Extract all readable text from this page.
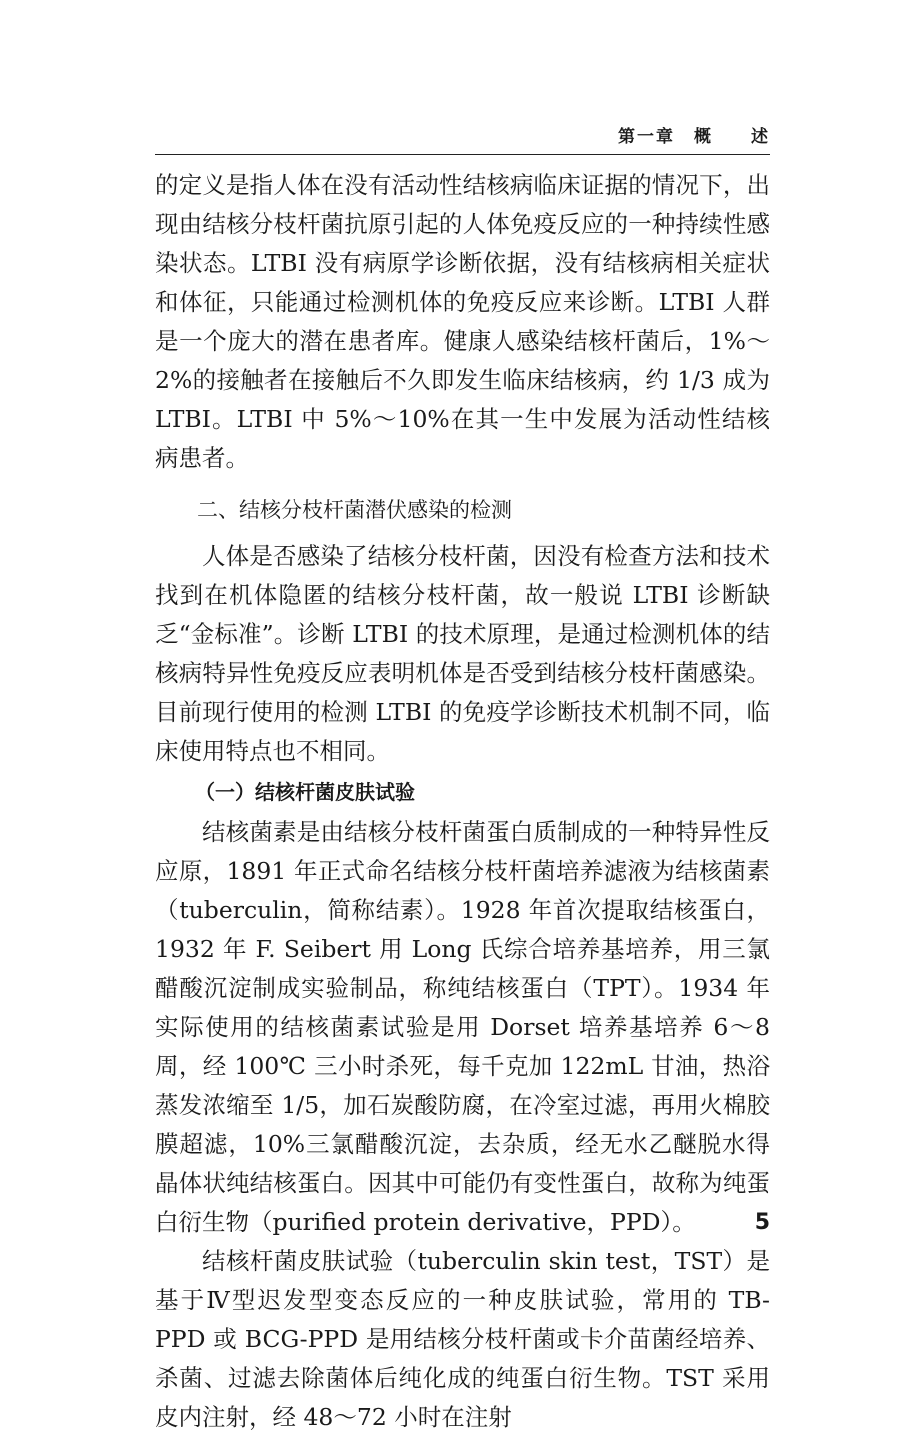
第一章　概　　述

的定义是指人体在没有活动性结核病临床证据的情况下，出现由结核分枝杆菌抗原引起的人体免疫反应的一种持续性感染状态。LTBI 没有病原学诊断依据，没有结核病相关症状和体征，只能通过检测机体的免疫反应来诊断。LTBI 人群是一个庞大的潜在患者库。健康人感染结核杆菌后，1%～2%的接触者在接触后不久即发生临床结核病，约 1/3 成为 LTBI。LTBI 中 5%～10%在其一生中发展为活动性结核病患者。

二、结核分枝杆菌潜伏感染的检测

人体是否感染了结核分枝杆菌，因没有检查方法和技术找到在机体隐匿的结核分枝杆菌，故一般说 LTBI 诊断缺乏“金标准”。诊断 LTBI 的技术原理，是通过检测机体的结核病特异性免疫反应表明机体是否受到结核分枝杆菌感染。目前现行使用的检测 LTBI 的免疫学诊断技术机制不同，临床使用特点也不相同。

（一）结核杆菌皮肤试验

结核菌素是由结核分枝杆菌蛋白质制成的一种特异性反应原，1891 年正式命名结核分枝杆菌培养滤液为结核菌素（tuberculin，简称结素）。1928 年首次提取结核蛋白，1932 年 F. Seibert 用 Long 氏综合培养基培养，用三氯醋酸沉淀制成实验制品，称纯结核蛋白（TPT）。1934 年实际使用的结核菌素试验是用 Dorset 培养基培养 6～8 周，经 100℃ 三小时杀死，每千克加 122mL 甘油，热浴蒸发浓缩至 1/5，加石炭酸防腐，在冷室过滤，再用火棉胶膜超滤，10%三氯醋酸沉淀，去杂质，经无水乙醚脱水得晶体状纯结核蛋白。因其中可能仍有变性蛋白，故称为纯蛋白衍生物（purified protein derivative，PPD）。

结核杆菌皮肤试验（tuberculin skin test，TST）是基于Ⅳ型迟发型变态反应的一种皮肤试验，常用的 TB-PPD 或 BCG-PPD 是用结核分枝杆菌或卡介苗菌经培养、杀菌、过滤去除菌体后纯化成的纯蛋白衍生物。TST 采用皮内注射，经 48～72 小时在注射

5
